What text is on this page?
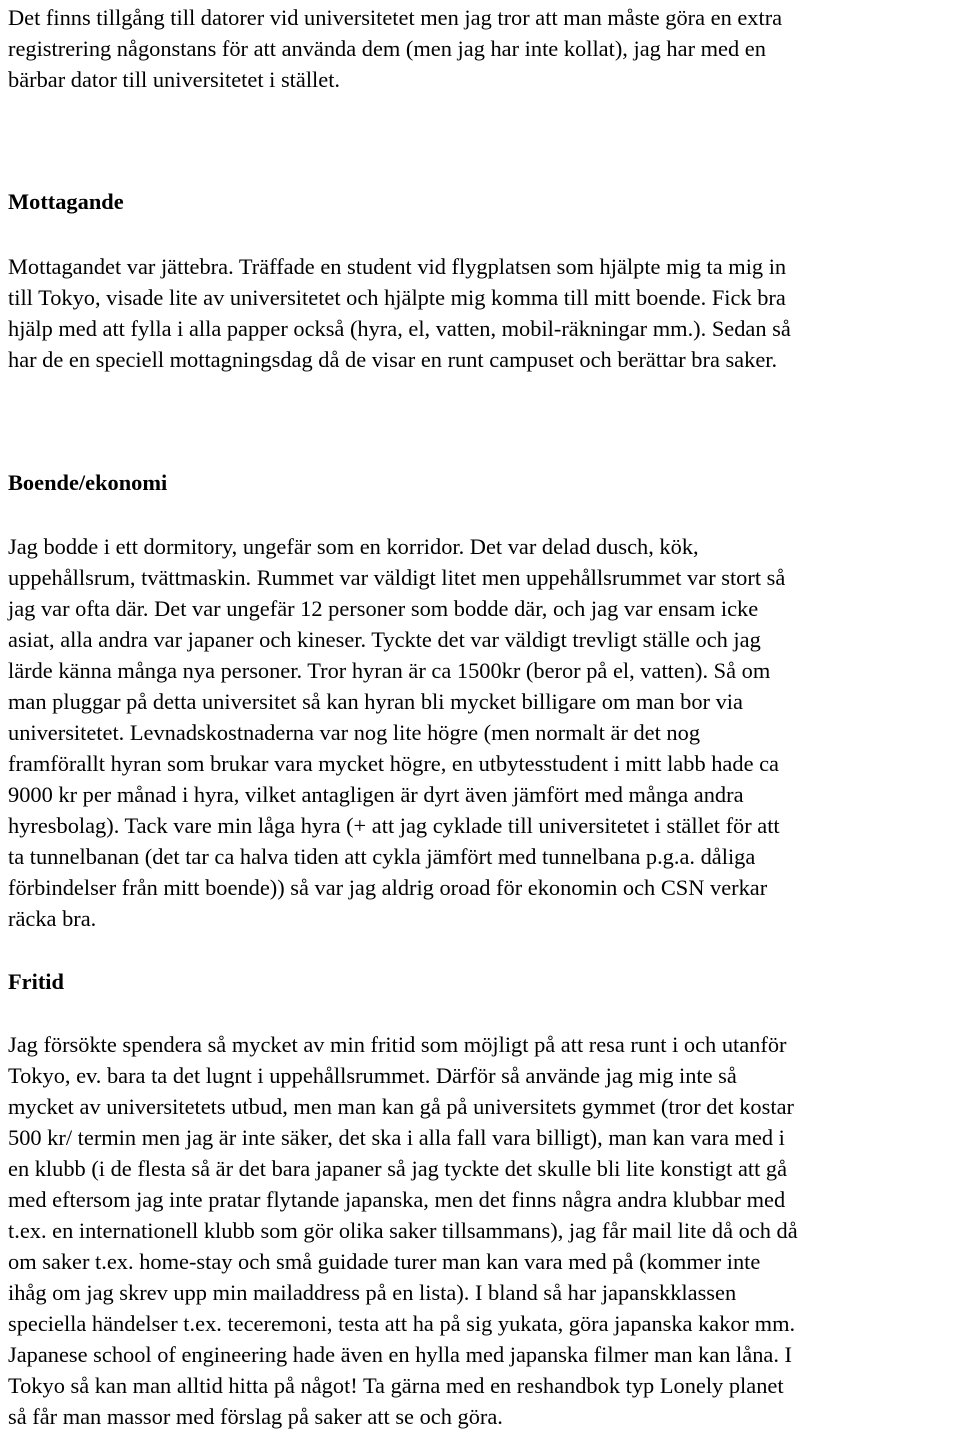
Det finns tillgång till datorer vid universitetet men jag tror att man måste göra en extra
registrering någonstans för att använda dem (men jag har inte kollat), jag har med en
bärbar dator till universitetet i stället.
Mottagande
Mottagandet var jättebra. Träffade en student vid flygplatsen som hjälpte mig ta mig in
till Tokyo, visade lite av universitetet och hjälpte mig komma till mitt boende. Fick bra
hjälp med att fylla i alla papper också (hyra, el, vatten, mobil-räkningar mm.). Sedan så
har de en speciell mottagningsdag då de visar en runt campuset och berättar bra saker.
Boende/ekonomi
Jag bodde i ett dormitory, ungefär som en korridor. Det var delad dusch, kök,
uppehållsrum, tvättmaskin. Rummet var väldigt litet men uppehållsrummet var stort så
jag var ofta där. Det var ungefär 12 personer som bodde där, och jag var ensam icke
asiat, alla andra var japaner och kineser. Tyckte det var väldigt trevligt ställe och jag
lärde känna många nya personer. Tror hyran är ca 1500kr (beror på el, vatten). Så om
man pluggar på detta universitet så kan hyran bli mycket billigare om man bor via
universitetet. Levnadskostnaderna var nog lite högre (men normalt är det nog
framförallt hyran som brukar vara mycket högre, en utbytesstudent i mitt labb hade ca
9000 kr per månad i hyra, vilket antagligen är dyrt även jämfört med många andra
hyresbolag). Tack vare min låga hyra (+ att jag cyklade till universitetet i stället för att
ta tunnelbanan (det tar ca halva tiden att cykla jämfört med tunnelbana p.g.a. dåliga
förbindelser från mitt boende)) så var jag aldrig oroad för ekonomin och CSN verkar
räcka bra.
Fritid
Jag försökte spendera så mycket av min fritid som möjligt på att resa runt i och utanför
Tokyo, ev. bara ta det lugnt i uppehållsrummet. Därför så använde jag mig inte så
mycket av universitetets utbud, men man kan gå på universitets gymmet (tror det kostar
500 kr/ termin men jag är inte säker, det ska i alla fall vara billigt), man kan vara med i
en klubb (i de flesta så är det bara japaner så jag tyckte det skulle bli lite konstigt att gå
med eftersom jag inte pratar flytande japanska, men det finns några andra klubbar med
t.ex. en internationell klubb som gör olika saker tillsammans), jag får mail lite då och då
om saker t.ex. home-stay och små guidade turer man kan vara med på (kommer inte
ihåg om jag skrev upp min mailaddress på en lista). I bland så har japanskklassen
speciella händelser t.ex. teceremoni, testa att ha på sig yukata, göra japanska kakor mm.
Japanese school of engineering hade även en hylla med japanska filmer man kan låna. I
Tokyo så kan man alltid hitta på något! Ta gärna med en reshandbok typ Lonely planet
så får man massor med förslag på saker att se och göra.
